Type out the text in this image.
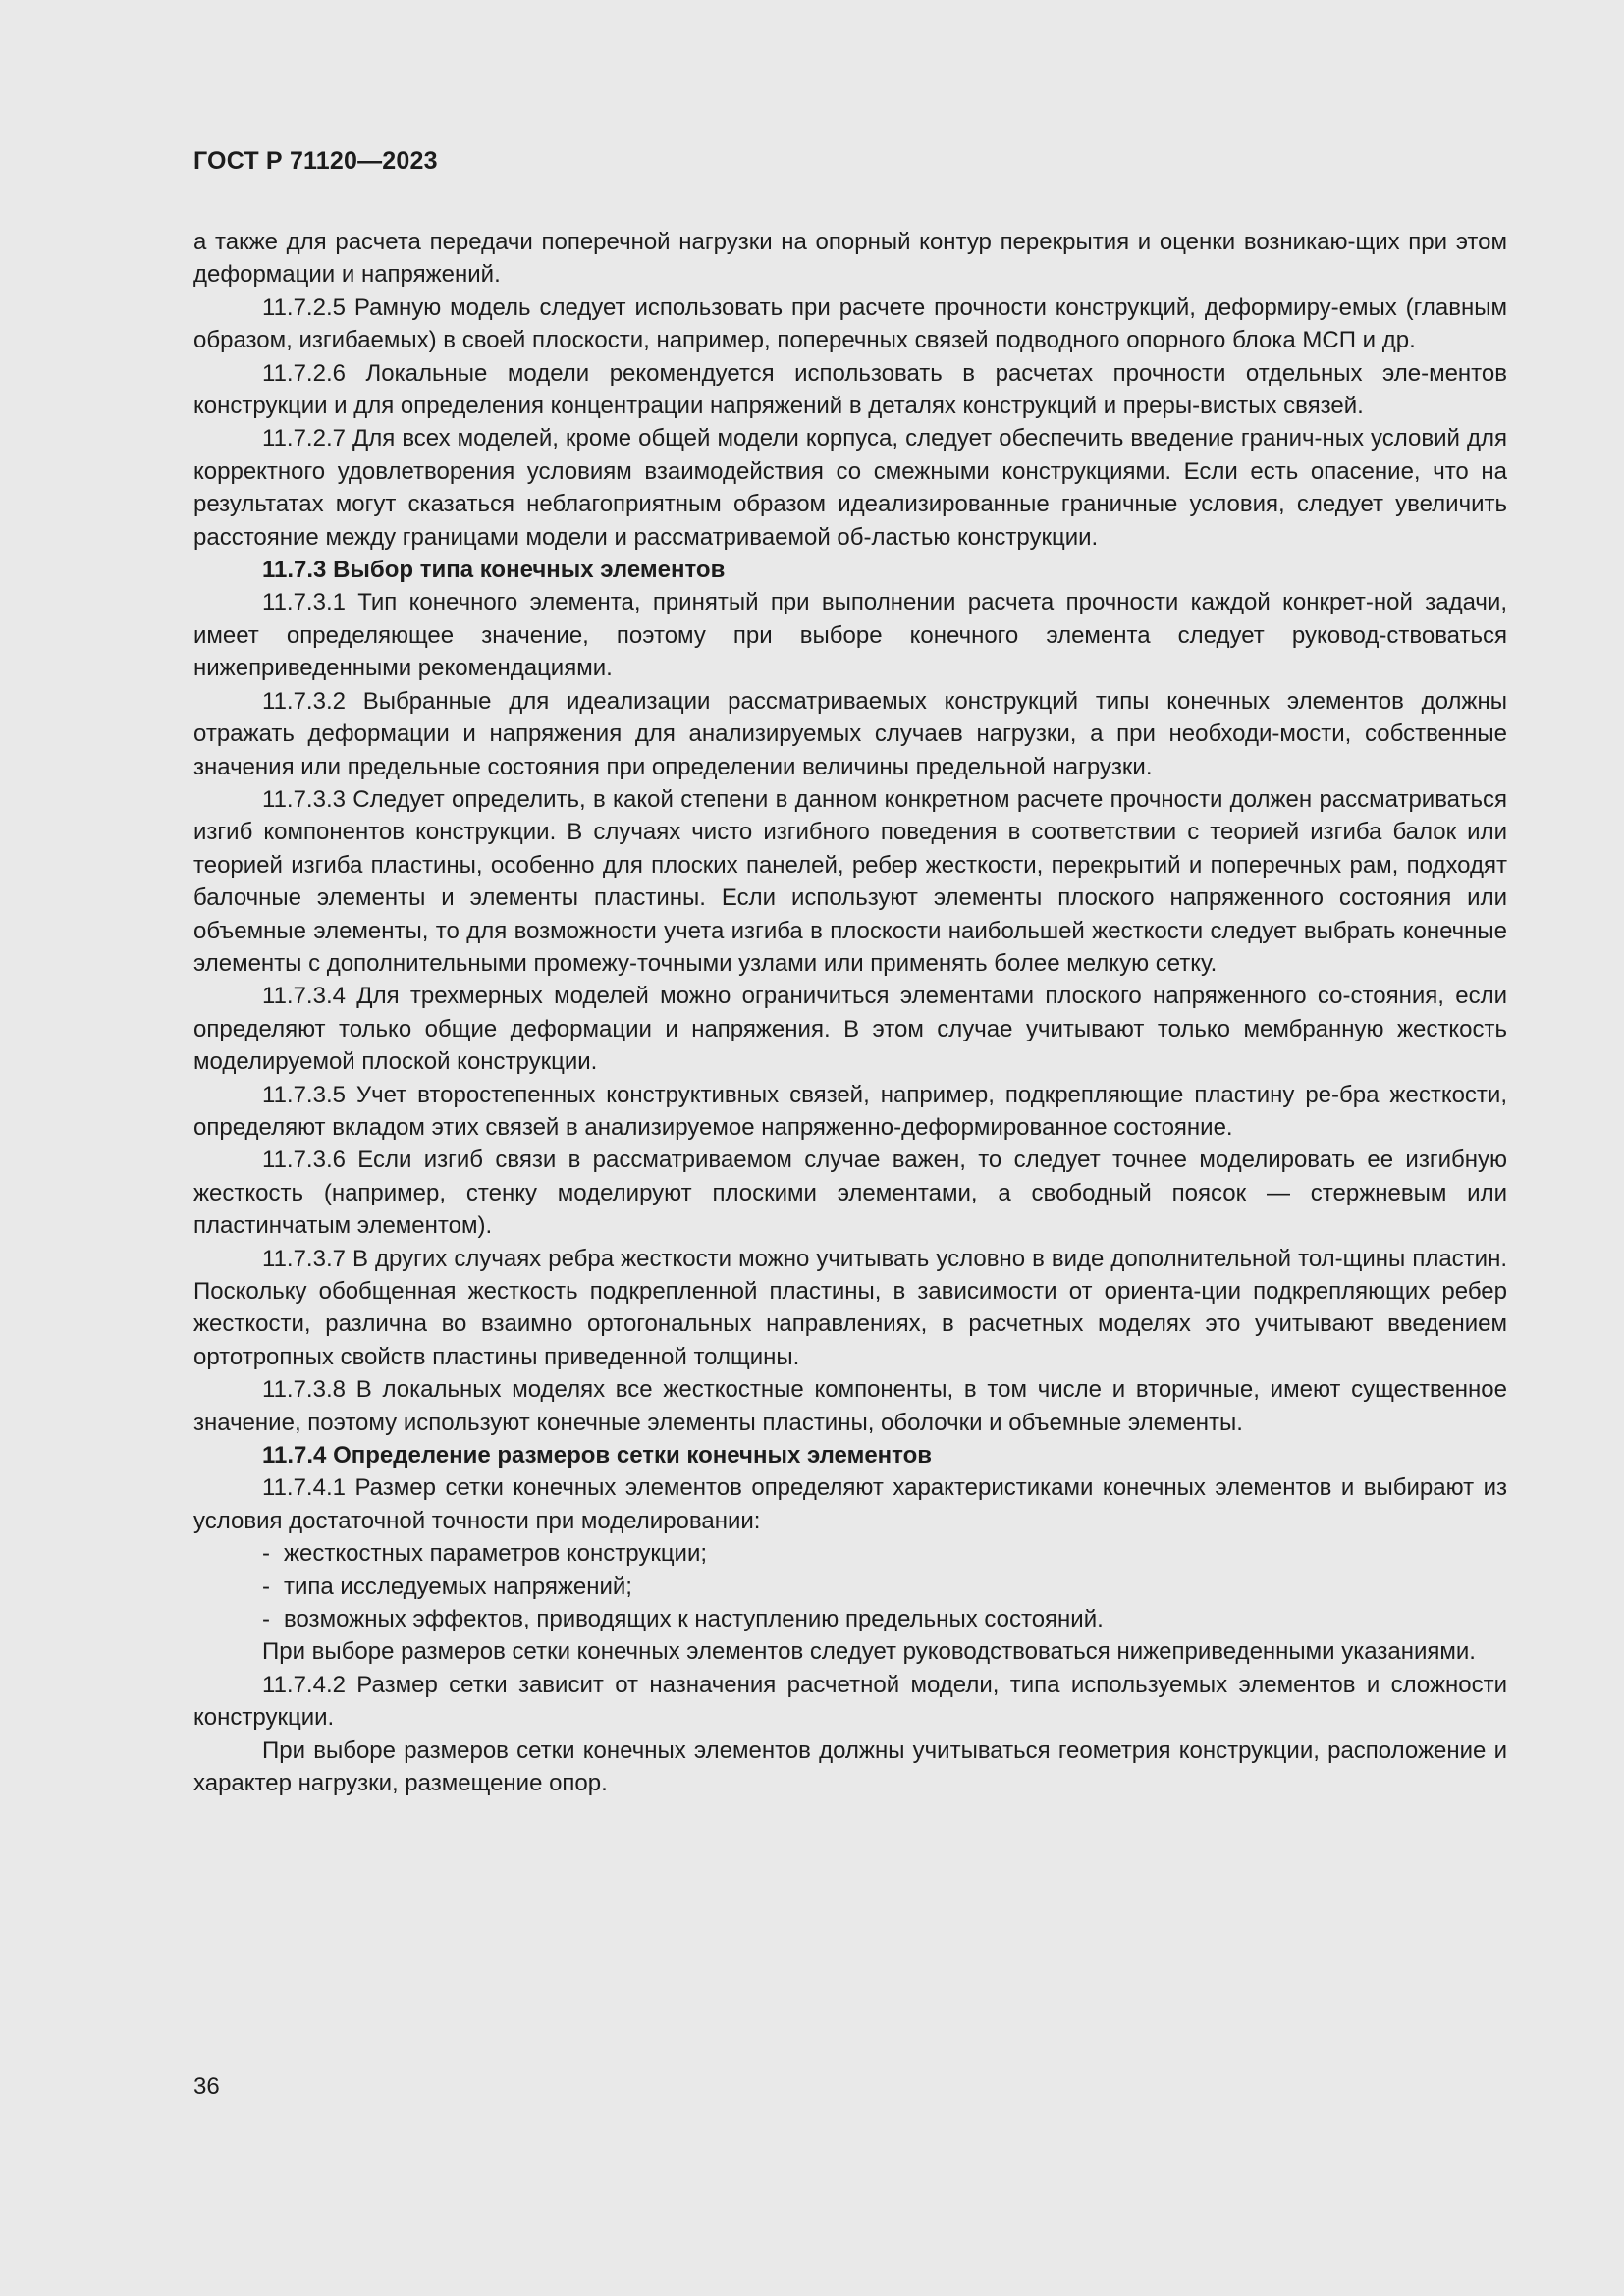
ГОСТ Р 71120—2023

а также для расчета передачи поперечной нагрузки на опорный контур перекрытия и оценки возникаю-щих при этом деформации и напряжений.

11.7.2.5 Рамную модель следует использовать при расчете прочности конструкций, деформиру-емых (главным образом, изгибаемых) в своей плоскости, например, поперечных связей подводного опорного блока МСП и др.

11.7.2.6 Локальные модели рекомендуется использовать в расчетах прочности отдельных эле-ментов конструкции и для определения концентрации напряжений в деталях конструкций и преры-вистых связей.

11.7.2.7 Для всех моделей, кроме общей модели корпуса, следует обеспечить введение гранич-ных условий для корректного удовлетворения условиям взаимодействия со смежными конструкциями. Если есть опасение, что на результатах могут сказаться неблагоприятным образом идеализированные граничные условия, следует увеличить расстояние между границами модели и рассматриваемой об-ластью конструкции.

11.7.3 Выбор типа конечных элементов

11.7.3.1 Тип конечного элемента, принятый при выполнении расчета прочности каждой конкрет-ной задачи, имеет определяющее значение, поэтому при выборе конечного элемента следует руковод-ствоваться нижеприведенными рекомендациями.

11.7.3.2 Выбранные для идеализации рассматриваемых конструкций типы конечных элементов должны отражать деформации и напряжения для анализируемых случаев нагрузки, а при необходи-мости, собственные значения или предельные состояния при определении величины предельной нагрузки.

11.7.3.3 Следует определить, в какой степени в данном конкретном расчете прочности должен рассматриваться изгиб компонентов конструкции. В случаях чисто изгибного поведения в соответствии с теорией изгиба балок или теорией изгиба пластины, особенно для плоских панелей, ребер жесткости, перекрытий и поперечных рам, подходят балочные элементы и элементы пластины. Если используют элементы плоского напряженного состояния или объемные элементы, то для возможности учета изгиба в плоскости наибольшей жесткости следует выбрать конечные элементы с дополнительными промежу-точными узлами или применять более мелкую сетку.

11.7.3.4 Для трехмерных моделей можно ограничиться элементами плоского напряженного со-стояния, если определяют только общие деформации и напряжения. В этом случае учитывают только мембранную жесткость моделируемой плоской конструкции.

11.7.3.5 Учет второстепенных конструктивных связей, например, подкрепляющие пластину ре-бра жесткости, определяют вкладом этих связей в анализируемое напряженно-деформированное состояние.

11.7.3.6 Если изгиб связи в рассматриваемом случае важен, то следует точнее моделировать ее изгибную жесткость (например, стенку моделируют плоскими элементами, а свободный поясок — стержневым или пластинчатым элементом).

11.7.3.7 В других случаях ребра жесткости можно учитывать условно в виде дополнительной тол-щины пластин. Поскольку обобщенная жесткость подкрепленной пластины, в зависимости от ориента-ции подкрепляющих ребер жесткости, различна во взаимно ортогональных направлениях, в расчетных моделях это учитывают введением ортотропных свойств пластины приведенной толщины.

11.7.3.8 В локальных моделях все жесткостные компоненты, в том числе и вторичные, имеют существенное значение, поэтому используют конечные элементы пластины, оболочки и объемные элементы.

11.7.4 Определение размеров сетки конечных элементов

11.7.4.1 Размер сетки конечных элементов определяют характеристиками конечных элементов и выбирают из условия достаточной точности при моделировании:

- жесткостных параметров конструкции;

- типа исследуемых напряжений;

- возможных эффектов, приводящих к наступлению предельных состояний.

При выборе размеров сетки конечных элементов следует руководствоваться нижеприведенными указаниями.

11.7.4.2 Размер сетки зависит от назначения расчетной модели, типа используемых элементов и сложности конструкции.

При выборе размеров сетки конечных элементов должны учитываться геометрия конструкции, расположение и характер нагрузки, размещение опор.

36
